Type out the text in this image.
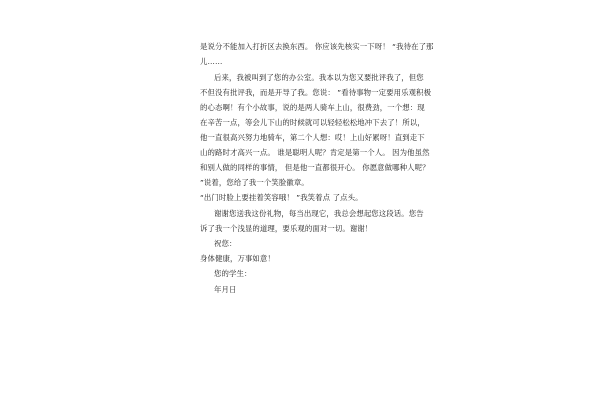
是说分不能加入打折区去换东西。 你应该先核实一下呀！ “我待在了那
儿……
后来，我被叫到了您的办公室。我本以为您又要批评我了，但您
不但没有批评我，而是开导了我。您说： ”看待事物一定要用乐观积极
的心态啊！有个小故事，说的是两人骑车上山，很费劲，一个想：现
在辛苦一点，等会儿下山的时候就可以轻轻松松地冲下去了！所以，
他一直很高兴努力地骑车，第二个人想：哎！上山好累呀！直到走下
山的路时才高兴一点。 谁是聪明人呢？肯定是第一个人。 因为他虽然
和别人做的同样的事情， 但是他一直都很开心。 你愿意做哪种人呢？
”说着，您给了我一个笑脸徽章。
“出门时脸上要挂着笑容哦！ ”我笑着点 了点头。
谢谢您送我这份礼物，每当出现它，我总会想起您这段话。您告
诉了我一个浅显的道理，要乐观的面对一切。谢谢！
祝您：
身体健康，万事如意！
您的学生：
年月日
